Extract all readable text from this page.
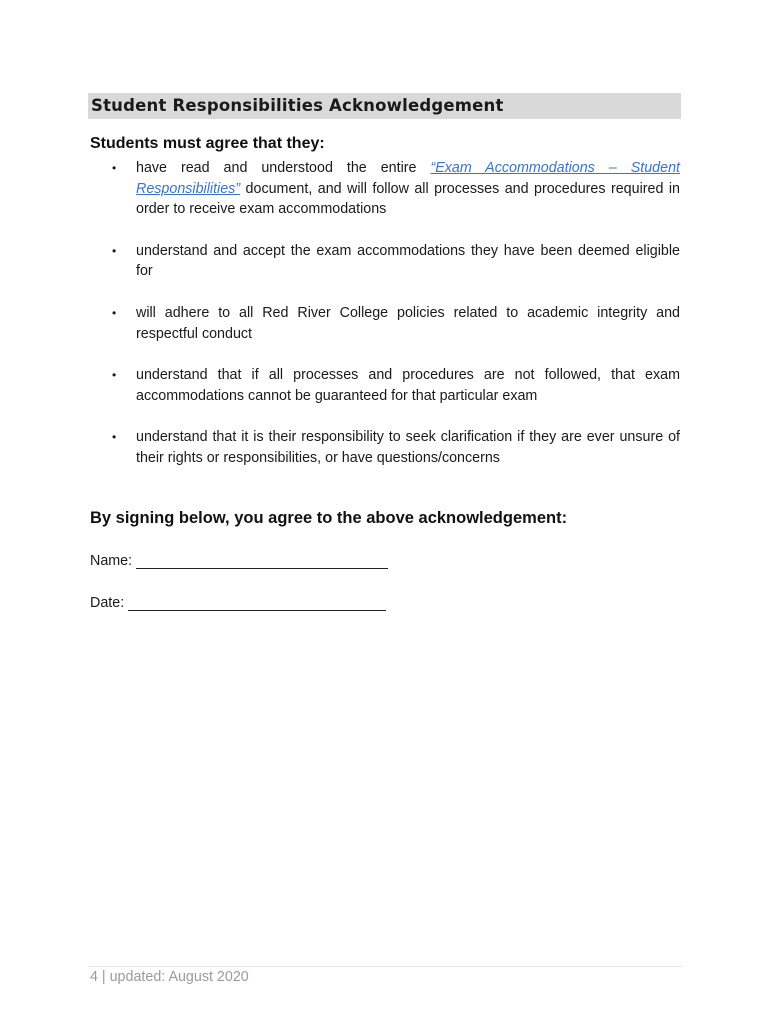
Student Responsibilities Acknowledgement
Students must agree that they:
• have read and understood the entire “Exam Accommodations – Student Responsibilities” document, and will follow all processes and procedures required in order to receive exam accommodations
• understand and accept the exam accommodations they have been deemed eligible for
• will adhere to all Red River College policies related to academic integrity and respectful conduct
• understand that if all processes and procedures are not followed, that exam accommodations cannot be guaranteed for that particular exam
• understand that it is their responsibility to seek clarification if they are ever unsure of their rights or responsibilities, or have questions/concerns
By signing below, you agree to the above acknowledgement:
Name:
Date:
4 | updated: August 2020
